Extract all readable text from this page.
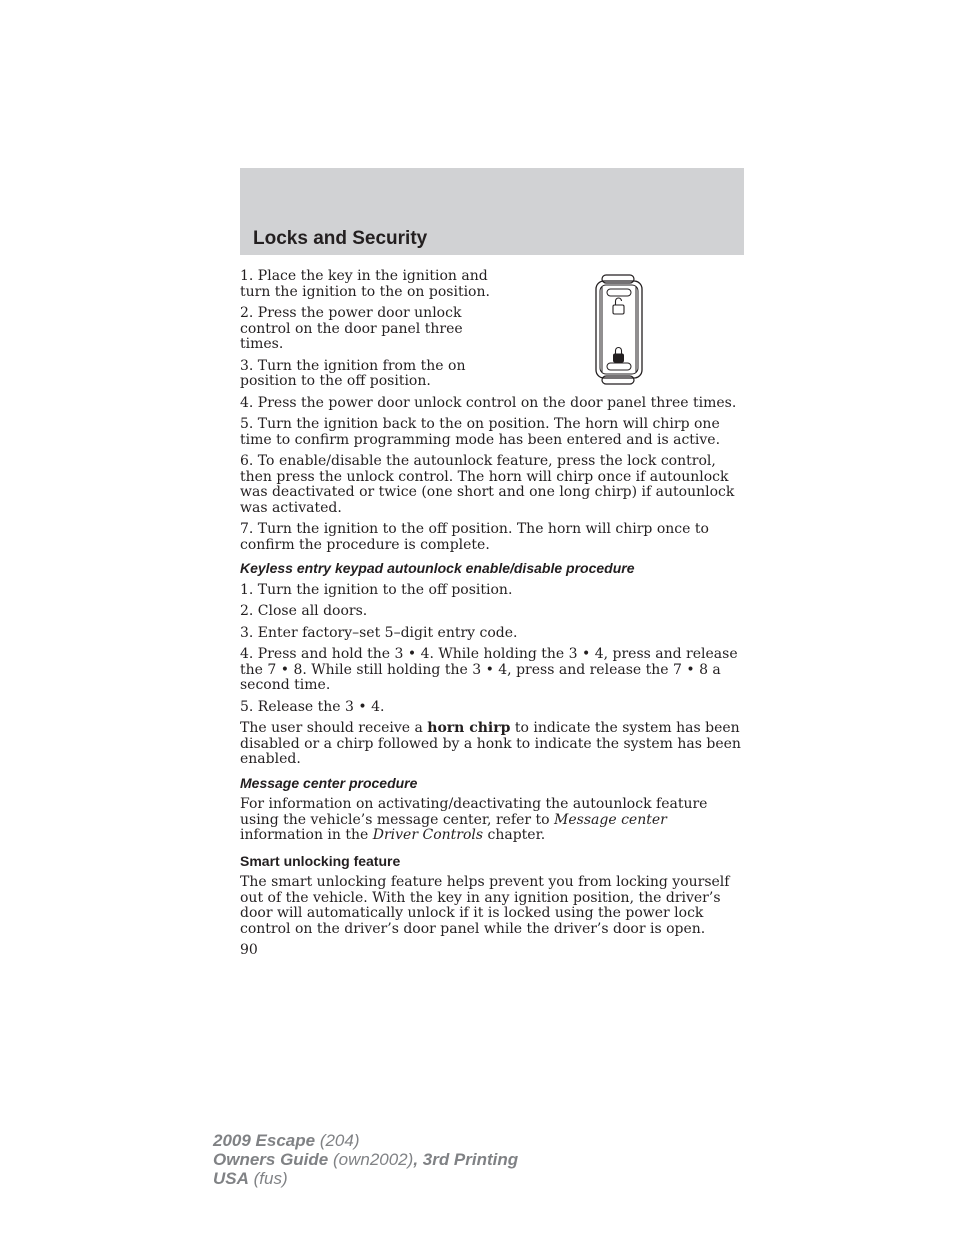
Locks and Security

1. Place the key in the ignition and turn the ignition to the on position.

2. Press the power door unlock control on the door panel three times.

3. Turn the ignition from the on position to the off position.

4. Press the power door unlock control on the door panel three times.

5. Turn the ignition back to the on position. The horn will chirp one time to confirm programming mode has been entered and is active.

6. To enable/disable the autounlock feature, press the lock control, then press the unlock control. The horn will chirp once if autounlock was deactivated or twice (one short and one long chirp) if autounlock was activated.

7. Turn the ignition to the off position. The horn will chirp once to confirm the procedure is complete.

Keyless entry keypad autounlock enable/disable procedure

1. Turn the ignition to the off position.

2. Close all doors.

3. Enter factory–set 5–digit entry code.

4. Press and hold the 3 • 4. While holding the 3 • 4, press and release the 7 • 8. While still holding the 3 • 4, press and release the 7 • 8 a second time.

5. Release the 3 • 4.

The user should receive a horn chirp to indicate the system has been disabled or a chirp followed by a honk to indicate the system has been enabled.

Message center procedure

For information on activating/deactivating the autounlock feature using the vehicle’s message center, refer to Message center information in the Driver Controls chapter.

Smart unlocking feature

The smart unlocking feature helps prevent you from locking yourself out of the vehicle. With the key in any ignition position, the driver’s door will automatically unlock if it is locked using the power lock control on the driver’s door panel while the driver’s door is open.

90
2009 Escape (204)
Owners Guide (own2002), 3rd Printing
USA (fus)
